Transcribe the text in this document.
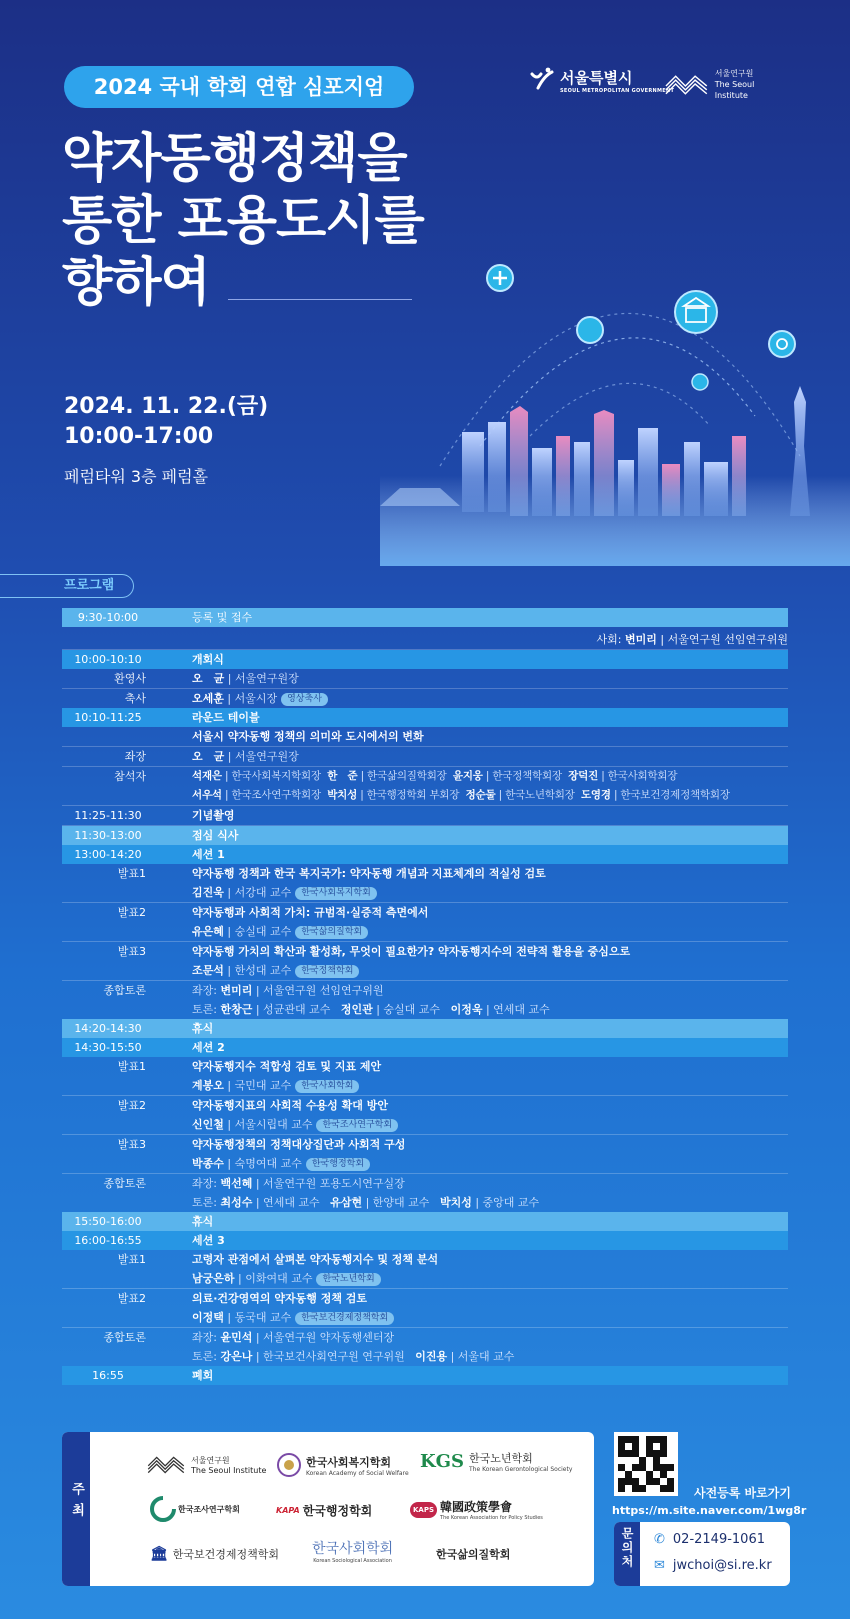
2024 국내 학회 연합 심포지엄	서울특별시
SEOUL METROPOLITAN GOVERNMENT
서울연구원
The Seoul Institute
약자동행정책을
통한 포용도시를
향하여
2024. 11. 22.(금)
10:00-17:00
페럼타워 3층 페럼홀
프로그램
9:30-10:00	등록 및 접수
사회: 변미리 | 서울연구원 선임연구위원
10:00-10:10	개회식
환영사	오　균 | 서울연구원장
축사	오세훈 | 서울시장 영상축사
10:10-11:25	라운드 테이블
서울시 약자동행 정책의 의미와 도시에서의 변화
좌장	오　균 | 서울연구원장
참석자	석재은 | 한국사회복지학회장 한　준 | 한국삶의질학회장 윤지웅 | 한국정책학회장 장덕진 | 한국사회학회장
서우석 | 한국조사연구학회장 박치성 | 한국행정학회 부회장 정순둘 | 한국노년학회장 도영경 | 한국보건경제정책학회장
11:25-11:30	기념촬영
11:30-13:00	점심 식사
13:00-14:20	세션 1
발표1	약자동행 정책과 한국 복지국가: 약자동행 개념과 지표체계의 적실성 검토
김진욱 | 서강대 교수 한국사회복지학회
발표2	약자동행과 사회적 가치: 규범적·실증적 측면에서
유은혜 | 숭실대 교수 한국삶의질학회
발표3	약자동행 가치의 확산과 활성화, 무엇이 필요한가? 약자동행지수의 전략적 활용을 중심으로
조문석 | 한성대 교수 한국정책학회
종합토론	좌장: 변미리 | 서울연구원 선임연구위원
토론: 한창근 | 성균관대 교수 정인관 | 숭실대 교수 이정욱 | 연세대 교수
14:20-14:30	휴식
14:30-15:50	세션 2
발표1	약자동행지수 적합성 검토 및 지표 제안
계봉오 | 국민대 교수 한국사회학회
발표2	약자동행지표의 사회적 수용성 확대 방안
신인철 | 서울시립대 교수 한국조사연구학회
발표3	약자동행정책의 정책대상집단과 사회적 구성
박종수 | 숙명여대 교수 한국행정학회
종합토론	좌장: 백선혜 | 서울연구원 포용도시연구실장
토론: 최성수 | 연세대 교수 유삼현 | 한양대 교수 박치성 | 중앙대 교수
15:50-16:00	휴식
16:00-16:55	세션 3
발표1	고령자 관점에서 살펴본 약자동행지수 및 정책 분석
남궁은하 | 이화여대 교수 한국노년학회
발표2	의료·건강영역의 약자동행 정책 검토
이정택 | 동국대 교수 한국보건경제정책학회
종합토론	좌장: 윤민석 | 서울연구원 약자동행센터장
토론: 강은나 | 한국보건사회연구원 연구위원 이진용 | 서울대 교수
16:55	폐회
주최
서울연구원
The Seoul Institute
한국사회복지학회
Korean Academy of Social Welfare
KGS 한국노년학회
The Korean Gerontological Society
한국조사연구학회	KAPA 한국행정학회	KAPS 韓國政策學會
The Korean Association for Policy Studies
🏛 한국보건경제정책학회 한국사회학회
Korean Sociological Association	한국삶의질학회
사전등록 바로가기
https://m.site.naver.com/1wg8r
문의처	✆ 02-2149-1061
✉ jwchoi@si.re.kr
